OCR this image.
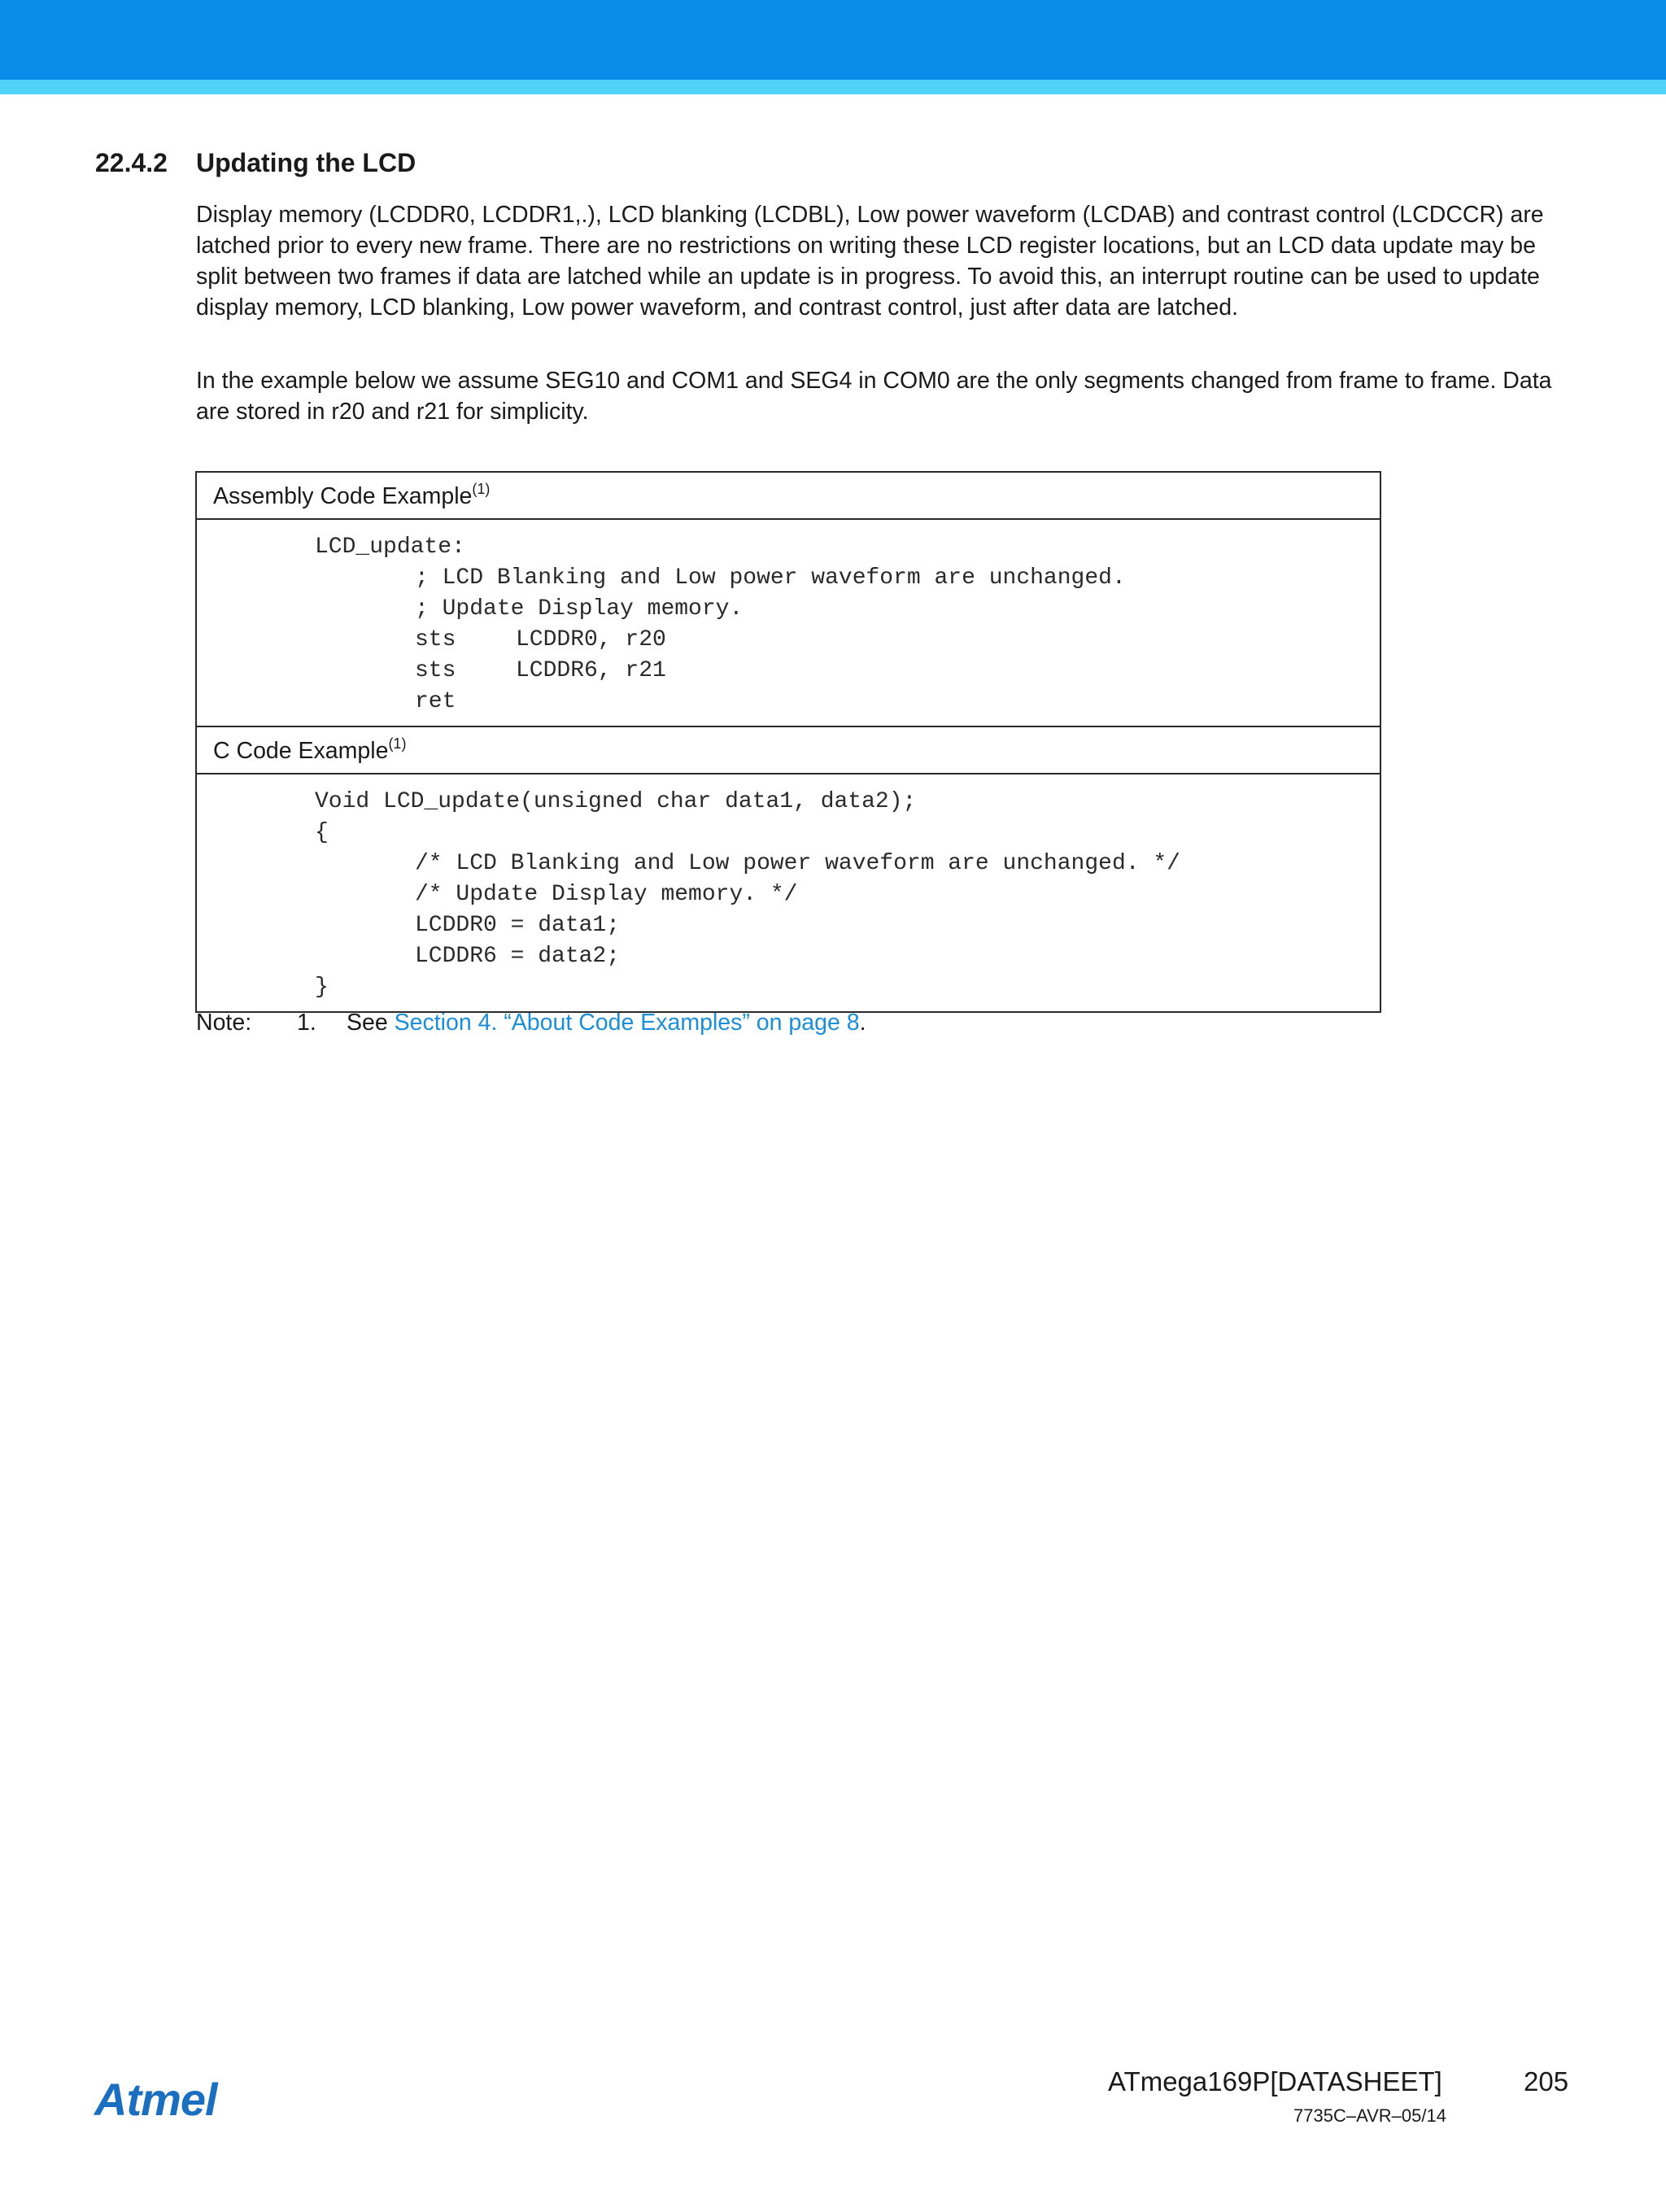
22.4.2 Updating the LCD

Display memory (LCDDR0, LCDDR1,.), LCD blanking (LCDBL), Low power waveform (LCDAB) and contrast control (LCDCCR) are latched prior to every new frame. There are no restrictions on writing these LCD register locations, but an LCD data update may be split between two frames if data are latched while an update is in progress. To avoid this, an interrupt routine can be used to update display memory, LCD blanking, Low power waveform, and contrast control, just after data are latched.

In the example below we assume SEG10 and COM1 and SEG4 in COM0 are the only segments changed from frame to frame. Data are stored in r20 and r21 for simplicity.

Assembly Code Example$^{(1)}$
LCD_update:
; LCD Blanking and Low power waveform are unchanged.
; Update Display memory.
sts	LCDDR0, r20
sts	LCDDR6, r21
ret
C Code Example$^{(1)}$
Void LCD_update(unsigned char data1, data2);
{
/* LCD Blanking and Low power waveform are unchanged. */
/* Update Display memory. */
LCDDR0 = data1;
LCDDR6 = data2;
}
Note: 1. See Section 4. “About Code Examples” on page 8.
Atmel	ATmega169P[DATASHEET]	205
7735C–AVR–05/14
